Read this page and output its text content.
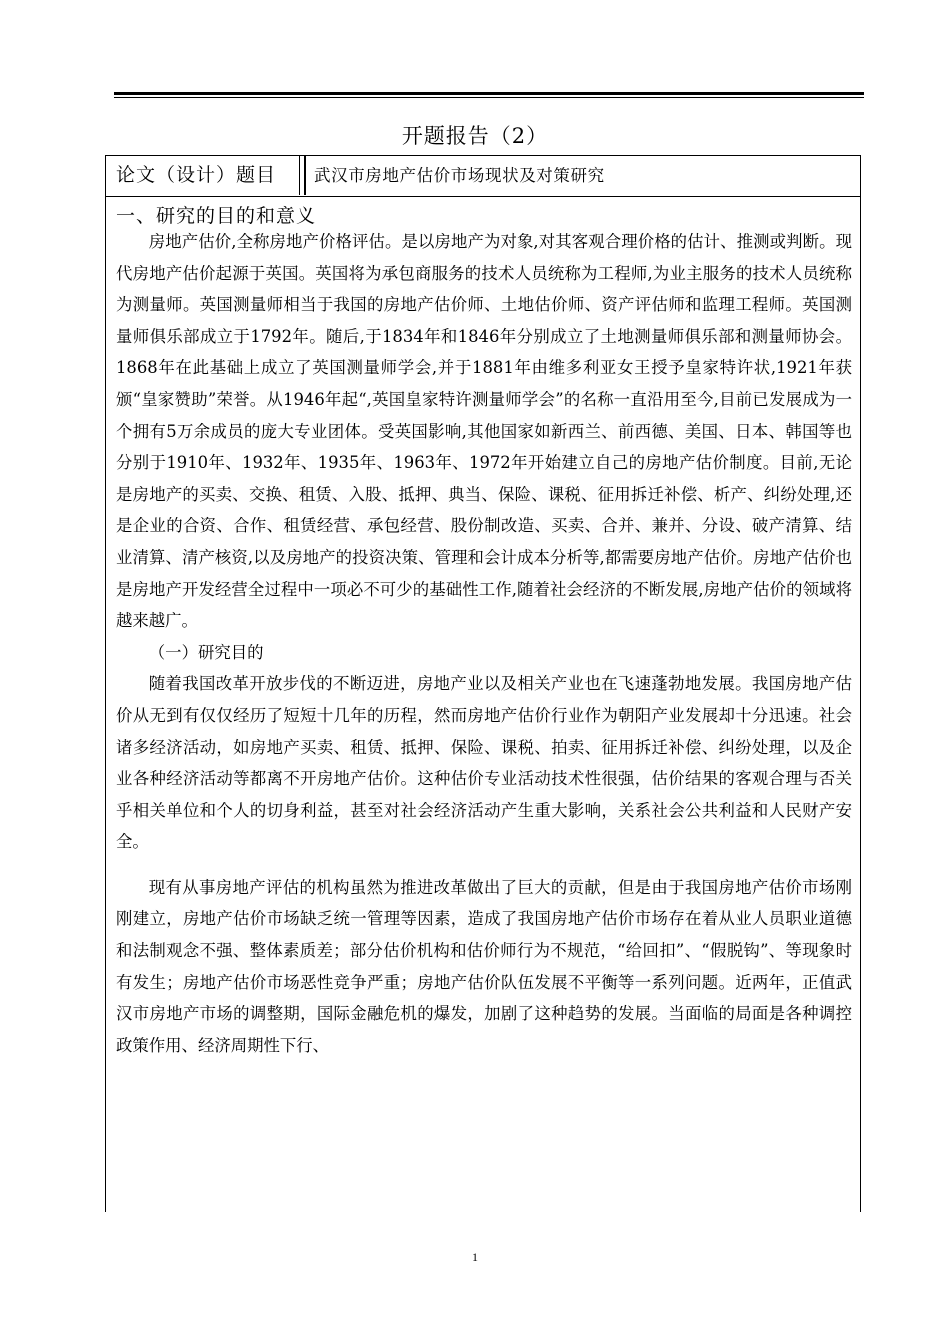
开题报告（2）
论文（设计）题目	武汉市房地产估价市场现状及对策研究
一、研究的目的和意义

房地产估价,全称房地产价格评估。是以房地产为对象,对其客观合理价格的估计、推测或判断。现代房地产估价起源于英国。英国将为承包商服务的技术人员统称为工程师,为业主服务的技术人员统称为测量师。英国测量师相当于我国的房地产估价师、土地估价师、资产评估师和监理工程师。英国测量师俱乐部成立于1792年。随后,于1834年和1846年分别成立了土地测量师俱乐部和测量师协会。1868年在此基础上成立了英国测量师学会,并于1881年由维多利亚女王授予皇家特许状,1921年获颁“皇家赞助”荣誉。从1946年起“,英国皇家特许测量师学会”的名称一直沿用至今,目前已发展成为一个拥有5万余成员的庞大专业团体。受英国影响,其他国家如新西兰、前西德、美国、日本、韩国等也分别于1910年、1932年、1935年、1963年、1972年开始建立自己的房地产估价制度。目前,无论是房地产的买卖、交换、租赁、入股、抵押、典当、保险、课税、征用拆迁补偿、析产、纠纷处理,还是企业的合资、合作、租赁经营、承包经营、股份制改造、买卖、合并、兼并、分设、破产清算、结业清算、清产核资,以及房地产的投资决策、管理和会计成本分析等,都需要房地产估价。房地产估价也是房地产开发经营全过程中一项必不可少的基础性工作,随着社会经济的不断发展,房地产估价的领域将越来越广。

（一）研究目的

随着我国改革开放步伐的不断迈进，房地产业以及相关产业也在飞速蓬勃地发展。我国房地产估价从无到有仅仅经历了短短十几年的历程，然而房地产估价行业作为朝阳产业发展却十分迅速。社会诸多经济活动，如房地产买卖、租赁、抵押、保险、课税、拍卖、征用拆迁补偿、纠纷处理，以及企业各种经济活动等都离不开房地产估价。这种估价专业活动技术性很强，估价结果的客观合理与否关乎相关单位和个人的切身利益，甚至对社会经济活动产生重大影响，关系社会公共利益和人民财产安全。

现有从事房地产评估的机构虽然为推进改革做出了巨大的贡献，但是由于我国房地产估价市场刚刚建立，房地产估价市场缺乏统一管理等因素，造成了我国房地产估价市场存在着从业人员职业道德和法制观念不强、整体素质差；部分估价机构和估价师行为不规范，“给回扣”、“假脱钩”、等现象时有发生；房地产估价市场恶性竞争严重；房地产估价队伍发展不平衡等一系列问题。近两年，正值武汉市房地产市场的调整期，国际金融危机的爆发，加剧了这种趋势的发展。当面临的局面是各种调控政策作用、经济周期性下行、

1
